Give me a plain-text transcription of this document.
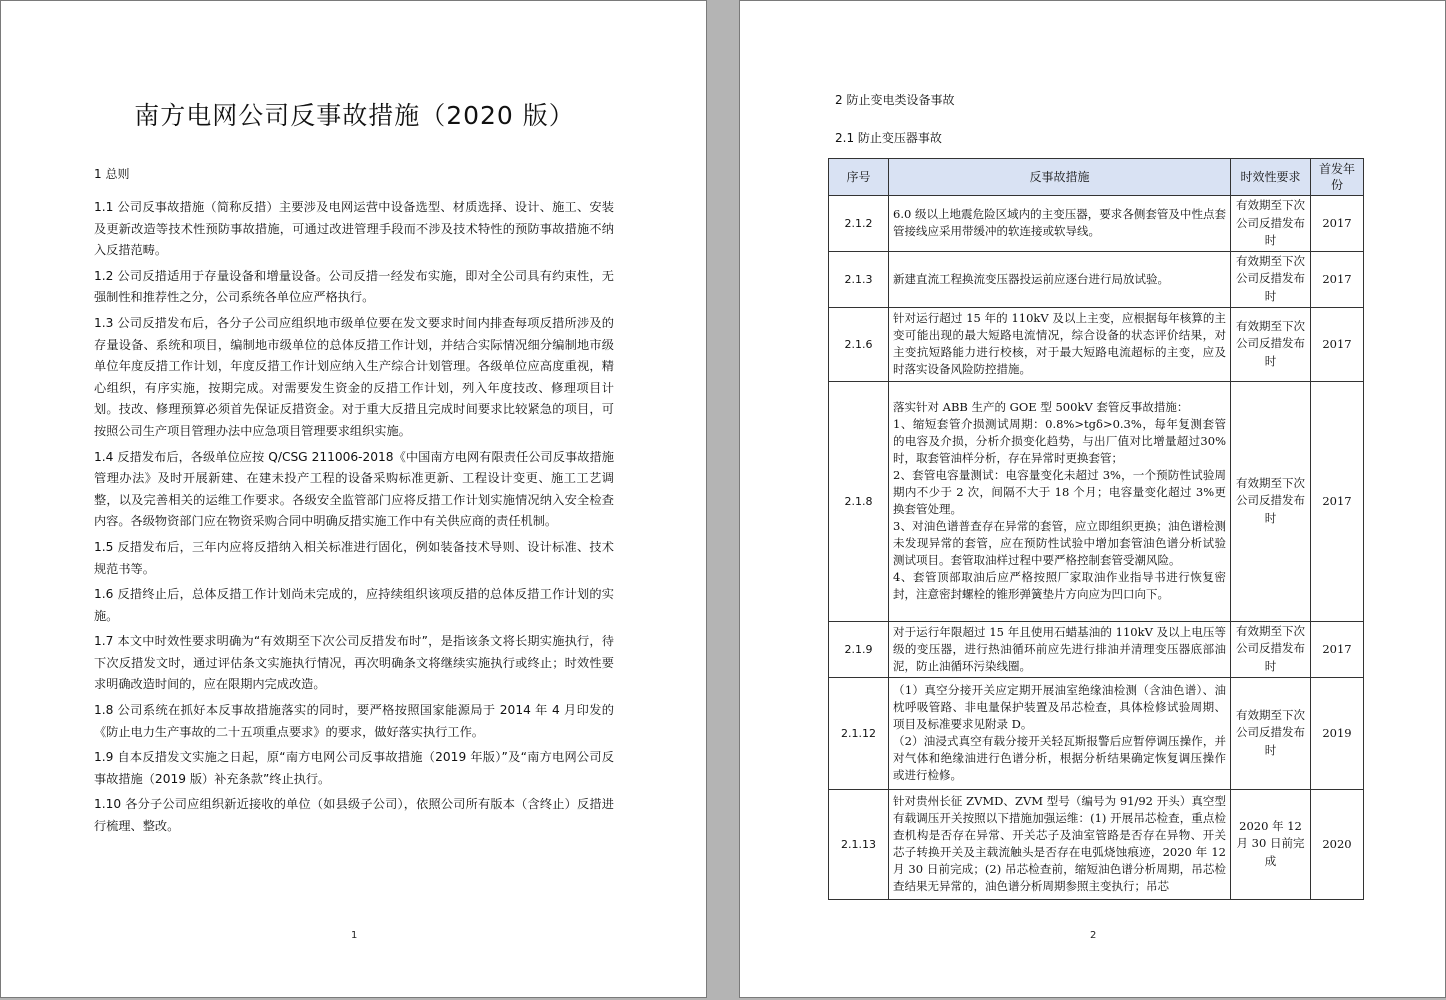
南方电网公司反事故措施（2020 版）
1 总则

1.1 公司反事故措施（简称反措）主要涉及电网运营中设备选型、材质选择、设计、施工、安装及更新改造等技术性预防事故措施，可通过改进管理手段而不涉及技术特性的预防事故措施不纳入反措范畴。

1.2 公司反措适用于存量设备和增量设备。公司反措一经发布实施，即对全公司具有约束性，无强制性和推荐性之分，公司系统各单位应严格执行。

1.3 公司反措发布后，各分子公司应组织地市级单位要在发文要求时间内排查每项反措所涉及的存量设备、系统和项目，编制地市级单位的总体反措工作计划，并结合实际情况细分编制地市级单位年度反措工作计划，年度反措工作计划应纳入生产综合计划管理。各级单位应高度重视，精心组织，有序实施，按期完成。对需要发生资金的反措工作计划，列入年度技改、修理项目计划。技改、修理预算必须首先保证反措资金。对于重大反措且完成时间要求比较紧急的项目，可按照公司生产项目管理办法中应急项目管理要求组织实施。

1.4 反措发布后，各级单位应按 Q/CSG 211006-2018《中国南方电网有限责任公司反事故措施管理办法》及时开展新建、在建未投产工程的设备采购标准更新、工程设计变更、施工工艺调整，以及完善相关的运维工作要求。各级安全监管部门应将反措工作计划实施情况纳入安全检查内容。各级物资部门应在物资采购合同中明确反措实施工作中有关供应商的责任机制。

1.5 反措发布后，三年内应将反措纳入相关标准进行固化，例如装备技术导则、设计标准、技术规范书等。

1.6 反措终止后，总体反措工作计划尚未完成的，应持续组织该项反措的总体反措工作计划的实施。

1.7 本文中时效性要求明确为“有效期至下次公司反措发布时”，是指该条文将长期实施执行，待下次反措发文时，通过评估条文实施执行情况，再次明确条文将继续实施执行或终止；时效性要求明确改造时间的，应在限期内完成改造。

1.8 公司系统在抓好本反事故措施落实的同时，要严格按照国家能源局于 2014 年 4 月印发的《防止电力生产事故的二十五项重点要求》的要求，做好落实执行工作。

1.9 自本反措发文实施之日起，原“南方电网公司反事故措施（2019 年版）”及“南方电网公司反事故措施（2019 版）补充条款”终止执行。

1.10 各分子公司应组织新近接收的单位（如县级子公司），依照公司所有版本（含终止）反措进行梳理、整改。

1
2 防止变电类设备事故
2.1 防止变压器事故
序号	反事故措施	时效性要求	首发年份
2.1.2	6.0 级以上地震危险区域内的主变压器，要求各侧套管及中性点套管接线应采用带缓冲的软连接或软导线。	有效期至下次公司反措发布时	2017
2.1.3	新建直流工程换流变压器投运前应逐台进行局放试验。	有效期至下次公司反措发布时	2017
2.1.6	针对运行超过 15 年的 110kV 及以上主变，应根据每年核算的主变可能出现的最大短路电流情况，综合设备的状态评价结果，对主变抗短路能力进行校核，对于最大短路电流超标的主变，应及时落实设备风险防控措施。	有效期至下次公司反措发布时	2017
2.1.8	落实针对 ABB 生产的 GOE 型 500kV 套管反事故措施：
1、缩短套管介损测试周期：0.8%>tgδ>0.3%，每年复测套管的电容及介损，分析介损变化趋势，与出厂值对比增量超过30%时，取套管油样分析，存在异常时更换套管；
2、套管电容量测试：电容量变化未超过 3%，一个预防性试验周期内不少于 2 次，间隔不大于 18 个月；电容量变化超过 3%更换套管处理。
3、对油色谱普查存在异常的套管，应立即组织更换；油色谱检测未发现异常的套管，应在预防性试验中增加套管油色谱分析试验测试项目。套管取油样过程中要严格控制套管受潮风险。
4、套管顶部取油后应严格按照厂家取油作业指导书进行恢复密封，注意密封螺栓的锥形弹簧垫片方向应为凹口向下。	有效期至下次公司反措发布时	2017
2.1.9	对于运行年限超过 15 年且使用石蜡基油的 110kV 及以上电压等级的变压器，进行热油循环前应先进行排油并清理变压器底部油泥，防止油循环污染线圈。	有效期至下次公司反措发布时	2017
2.1.12	（1）真空分接开关应定期开展油室绝缘油检测（含油色谱）、油枕呼吸管路、非电量保护装置及吊芯检查，具体检修试验周期、项目及标准要求见附录 D。
（2）油浸式真空有载分接开关轻瓦斯报警后应暂停调压操作，并对气体和绝缘油进行色谱分析，根据分析结果确定恢复调压操作或进行检修。	有效期至下次公司反措发布时	2019
2.1.13	针对贵州长征 ZVMD、ZVM 型号（编号为 91/92 开头）真空型有载调压开关按照以下措施加强运维：(1) 开展吊芯检查，重点检查机构是否存在异常、开关芯子及油室管路是否存在异物、开关芯子转换开关及主载流触头是否存在电弧烧蚀痕迹，2020 年 12 月 30 日前完成；(2) 吊芯检查前，缩短油色谱分析周期，吊芯检查结果无异常的，油色谱分析周期参照主变执行；吊芯	2020 年 12 月 30 日前完成	2020
2
